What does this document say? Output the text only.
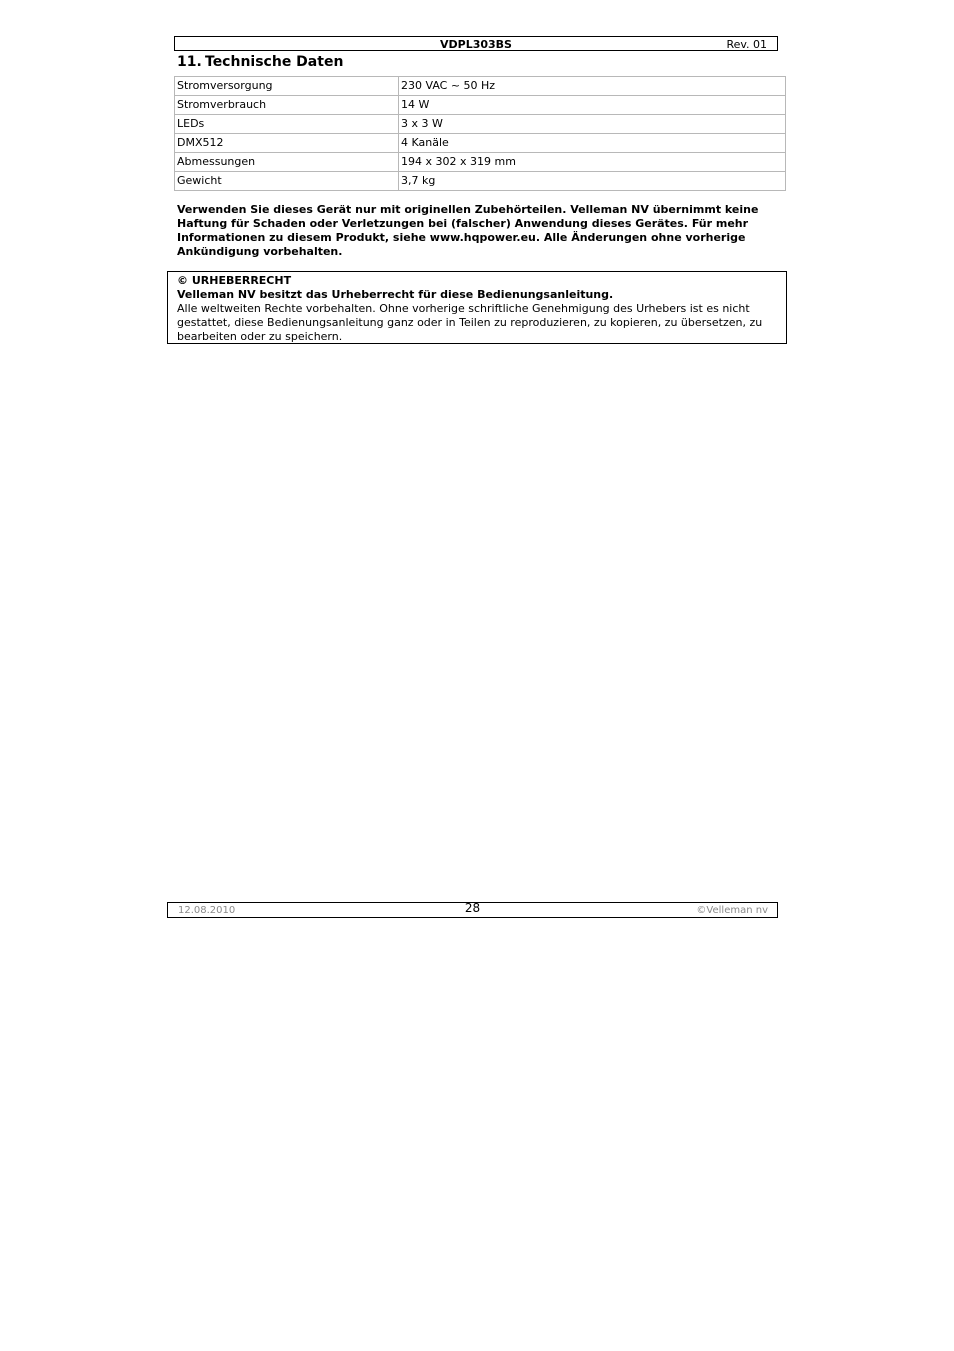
VDPL303BS	Rev. 01
11. Technische Daten
Stromversorgung	230 VAC ~ 50 Hz
Stromverbrauch	14 W
LEDs	3 x 3 W
DMX512	4 Kanäle
Abmessungen	194 x 302 x 319 mm
Gewicht	3,7 kg
Verwenden Sie dieses Gerät nur mit originellen Zubehörteilen. Velleman NV übernimmt keine Haftung für Schaden oder Verletzungen bei (falscher) Anwendung dieses Gerätes. Für mehr Informationen zu diesem Produkt, siehe www.hqpower.eu. Alle Änderungen ohne vorherige Ankündigung vorbehalten.
© URHEBERRECHT
Velleman NV besitzt das Urheberrecht für diese Bedienungsanleitung.
Alle weltweiten Rechte vorbehalten. Ohne vorherige schriftliche Genehmigung des Urhebers ist es nicht gestattet, diese Bedienungsanleitung ganz oder in Teilen zu reproduzieren, zu kopieren, zu übersetzen, zu bearbeiten oder zu speichern.
12.08.2010	28	©Velleman nv
